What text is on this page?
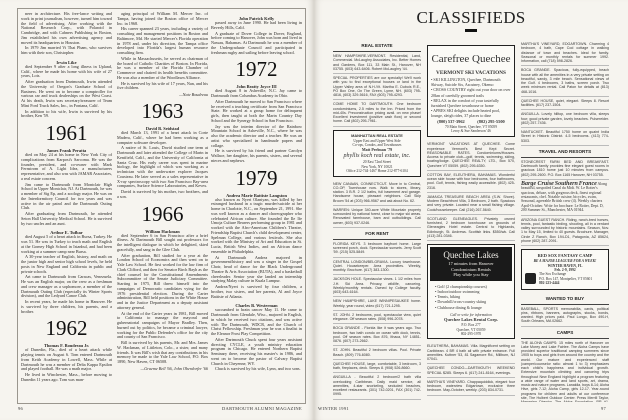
neer in architecture. His free-lance writing and work in print journalism, however, turned him toward the field of advertising. After working with the National Research Corp., with Polaroid in Cambridge, and with Cahners Publishing in Boston, Jim established his own advertising agency and moved its headquarters to Houston.
In 1979 Jim married Vi Thai Pham, who survives him with their son, Christopher.
Irwin Like
died September 9 after a long illness in Upland, Calif., where he made his home with his wife of 27 years, Lois.
After graduation from Dartmouth, Irwin attended the University of Oregon's Graduate School of Business. He went on to become a comptroller for various car and truck dealerships on the West Coast. At his death, Irwin was secretary/treasurer of Team Mini Ford Truck Sales, Inc., in Fontana, Calif.
In addition to his wife, Irwin is survived by his brother, Ken '59.
1961
James Frank Peratta
died on May 24 at his home in New York City of complications from Karposi's Sarcoma. He was the founder, president, and co-owner with Mark Fernstrom of A. Light Idea, a manufacturers representative, and also was with JAMAR Associates, a real estate concern.
Jim came to Dartmouth from Montclair High School in Upper Montclair, NJ. At Dartmouth, he was a member of Sig Ep, and a zoology major. He was on the Interdormitory Council for two years and was active in the air patrol and the Dartmouth Outing Club.
After graduating from Dartmouth, he attended Seton Hall University Medical School. He is survived by two uncles and an aunt.
Arthur E. Tufbar
died August 5 of a heart attack in Bursa, Turkey. He was 51. He was in Turkey to teach math and English at the Gorney High School in Istanbul, and had been working at a summer camp near Bursa.
A 30-year teacher of English, history, and math on the junior high and senior high school levels, he held posts in New England and California in public and private schools.
Art came to Dartmouth from Caracas, Venezuela. He was an English major, on the crew as a freshman and crew manager as a sophomore, a member of the Dartmouth Outing Club (especially its Winter Sports division), and the Ledyard Canoe Club.
In recent years, he made his home in Hanover. He is survived by three children, his parents, and a brother.
1962
Thomas F. Boudreau Jr.
of Dunedin, Fla., died of a heart attack while playing tennis on August 6. Tom entered Dartmouth from Keith Academy in Lowell, Mass. While at Dartmouth he was a member of Delta Kappa Epsilon and played football. He was a math major.
He lived in Winchester, Mass., before moving to Dunedin 11 years ago. Tom was man-
aging principal of William M. Mercer Inc. of Tampa, having joined the Boston office of Mercer Inc. in 1968.
His career spanned 23 years, including a variety of consulting and management positions in Boston and Baltimore, Md. He started Mercer's Florida operation in 1978 and, under his direction, the Tampa office developed into Florida's largest human resource consulting firm.
While in Massachusetts, he served as chairman of the board of Catholic Charities of Boston. In Florida, he was a member of the Florida Chamber of Commerce and chaired its health benefits committee. He was also a member of the Woodlawn Alliance.
He is survived by his wife of 17 years, Nan, and his five children.
—Nate Boudreau
1963
David B. Seidstad
died March 13, 1991 of a heart attack in Corte Madera, Calif., where he had been working as a computer software developer.
A native of St. Louis, David studied one term at Dartmouth and later attended the College of Marin in Kentfield, Calif., and the University of California at Santa Cruz. His early career was spent in marine biology, the highlight of which was working as a technician with the underwater explorer Jacques Cousteau. He later served as a sales representative in X-ray spectroscopy with two San Francisco Bay-area companies, Surface Science Laboratories, and Kevex.
David is survived by his mother, two brothers, and a son.
1966
William Hackman
died September 6 in San Francisco after a brief illness. At Dartmouth Bill sought out professors for the intelligent dialogue in which he delighted, skied gracefully, and sang in the Glee Club.
After graduation, Bill studied for a year at the London School of Economics and then went on to Yale Law School. He first worked for the law firm of Clark Clifford, and then for Senator Birch Bayh as the chief counsel for the Constitutional Amendments Subcommittee of the Senate Judiciary Committee. Starting in 1975, Bill threw himself into the campaigns of Democratic candidates vying for the 1976 presidential election. During the Carter administration, Bill held positions in the White House and in the Justice Department as a deputy assistant attorney general.
At the end of the Carter years in 1981, Bill moved to California to manage the mayoral and gubernatorial campaigns of Mayor Bradley. Then, burned out by politics, he became a criminal lawyer, working for the Public Defender's office for the city and county of San Francisco.
Bill is survived by his parents, Mr. and Mrs. James W. Hackman, of Littleton, Colo., a sister, and many friends. It was Bill's wish that any contributions in his memory be made to the Yale Law School, P.O. Box 1890, New Haven, CT 06508.
—Graeme Bell '66, John Oberdorfer '66
John Patrick Kelly
passed away in June 1990. He had been living in Beverly Hills, Calif.
A graduate of Dover College in Dover, England, before coming to Hanover, John was born and lived in Nassau, Bahamas. At Dartmouth he was a member of the Undergraduate Council and participated in freshman rugby and sailing before leaving school.
1972
John Beatty Joyce III
died August 8 in Asheville, N.C. Jay came to Dartmouth from Columbus Academy in Ohio.
After Dartmouth he moved to San Francisco where he received a teaching certificate from San Francisco State. He worked at a group home for delinquent girls, then taught at both the Marin Country Day School and the Synergy School in San Francisco.
Jay was the interim director of the Rainbow Mountain School in Asheville, N.C., where he was also the academic director and a teacher. He was an artist who specialized in handmade papers and collage.
He is survived by his friend and partner Carolyn Wallace, her daughter, his parents, sisters, and several nieces and nephews.
1979
Andrea Marie Battiste Langston
also known as Nyeri Olaniyan, was killed by her estranged husband in a tragic murder/suicide at her home in Charlotte, N.C., on September 21, 1991. She was well known as a dancer and choreographer who celebrated African culture. She founded the Ile Ife Umoja Culture Bearers performing group in 1981 and worked with the Afro-American Children's Theatre, Friendship Baptist Church's child development center, Spelman College, and various festivals. She also worked with the Ministry of Art and Education in St. Lucia, British West Indies, and an African dance ensemble in Philadelphia.
At Dartmouth Andrea majored in government/history and was a singer in the Gospel Choir, head of dance for the Black Underground Theatre & Arts Association (BUTA), and a basketball cheerleader. Senior year she landed an internship studying Malay culture in Kuala Lumpur.
Andrea/Nyeri is survived by four children, a brother, two sisters, and her parents, Al and Joyce Battiste of Atlanta.
Charles B. Westerman
succumbed to brain cancer May 11. He came to Dartmouth from Glendale, Wisc., majored in English, in which he received two citations, and was active with The Dartmouth, WDCR, and the Church of Christ Fellowship. Freshman year he was a finalist in the Eleanor Frost Play Competition.
After Dartmouth Chuck spent four years assistant directing CYCLE, a youth ministry education program in Chicago. He entered Northern Baptist Seminary there, receiving his master's in 1986, and went on to become the pastor of Calvary Baptist Church in Cheyenne, WY.
Chuck is survived by his wife, Lynn, and two sons.
96	DARTMOUTH ALUMNI MAGAZINE
CLASSIFIEDS
REAL ESTATE
NEW HAMPSHIRE-VERMONT. Residential, Land, Commercial. McLaughry Associates, Inc. Better Homes and Gardens, Box 111, 33 Main St., Hanover, NH 03755. (603) 643-6406. Robert McLaughry '44.
SPECIAL PROPERTIES are our specialty! We'll work with you to find exceptional houses or land in the Upper Valley area of N.H./Vt. Martha E. Dubois R.E., PO Box One, On The Green, Lyme, NH. (603) 795-4816, (603) 329-5616, FAX (603) 795-4293.
COME HOME TO DARTMOUTH. One bedroom condominiums, 2.5 miles to the Inn. Priced from the mid-40s. Preconstruction pricing avail. on new phase! Excellent investment (positive cash flow) or second home. Call (802) 295-7961.
MANHATTAN REAL ESTATE
Upper East and Upper West Side
Co-ops, Condos, and Townhouses
Matt Perlman '79
phyllis koch real estate, inc.
20 East 72nd Street
New York, NY 10021
Office 212-744-1467 Home 212-877-6104
NEW CANAAN, CONNECTICUT. Move in to Central, CO-OP, Townhouse now. Walk to stores, library, station. 3 B.R. 2 1/2 baths, full basement and garage. Handsome house, pleasant neighbors. Call Skip Broom '54 at (203) 966-9567 and ask about No. 62.
WARREN: Unique 340-acre White Mountain property surrounded by national forest, close to major ski areas. Renovated farmhouse, barn and outbuildings. Call owner, (603) 937-0246.
FOR RENT
FLORIDA KEYS. 3 bedroom bayfront home. Large screened porch, dock. Spectacular sunsets. Jerry Scott '59. (215) 525-5849.
CENTRAL LONDON/BELGRAVIA. Luxury townhouse. Quiet. Housekeeper. Area proximities. Weekly, monthly. Brochure. (617) 383-1300.
JACKSON HOLE. Spectacular views. 1 1/2 miles from J.H. Ski Area. Privacy, wildlife, canoeing. Weekly/monthly rentals. Owned by College faculty. (603) 643-6164.
NEW HAMPSHIRE, LAKE WINNIPESAUKEE home. Weekly, year round, video (617) 721-1295.
ST. JOHN. 2 bedrooms, pool, spectacular view, quiet elegance. Off season rates. (508) 996-2078.
BOCA GRANDE - Florida like it was years ago. Two bedroom, two bath condo on ocean with dock, tennis, pool. Off season rates. Box 876, Ithaca, NY 14851-0876. (607) 273-2662.
ST. JOHN. Beautiful 2 bedroom villas. Pool. Private Beach. (809) 776-6080.
QUECHEE HOUSE, large, comfortable, 3 bedroom, 3 bath, fireplaces, deck. Sleeps 8. (908) 526-8660.
ANGUILLA - Beautiful 2 bedroom/2 bath villa overlooking Caribbean. Daily maid service, all amenities, 4-star snorkeling, secluded beaches, excellent restaurants. (301) 742-0201, FAX (301) 742-0995.
Carefree Quechee
VERMONT SKI VACATIONS
• SKI KILLINGTON, Quechee, Dartmouth Skiway, Suicide Six, Ascutney, Okemo
• CROSS COUNTRY right out your door on over 20km of carefully groomed trails
• RELAX in the comfort of your tastefully furnished Quechee townhouse or home
• APRES SKI delights include heated pool, lounge, sleigh rides, 37 places to dine
(800) 537-3962	(802) 295-5500
70 Main Street, Quechee, VT 05059
Leroy & Sue Sanderson '46
VERMONT VACATIONS AT QUECHEE. Come experience Vermont's Best Kept Secret. REASONABLE RATES. Condominiums/Houses. Access to private club—golf, tennis, swimming, skiing, boating/lodge. QUECHEE REALTY, LTD., Box 570, Quechee VT 05059. (802) 295-6350.
COTTON BAY, ELEUTHERA, BAHAMAS. Wonderful ocean side house with four bedrooms, four bathrooms, pool. Golf, tennis, fishing easily accessible. (802) 425-2316.
JAMAICA TREASURE BEACH AREA (S.W. Shore). Modern Beachfront Villa, 3 Bedroom, 2 bath. Spacious and very private. Located near a small fishing village. Cook/housekeeper. Call (216) 267-5640.
SCOTLAND GLENEAGLES. Privately owned furnished, 2 bedroom townhouse on grounds of Gleneagles Hotel estate. Central to Highlands, Edinburgh, St. Andrews. Scottish links. $550/wk. Call (413) 281-0346.
Quechee Lakes
17 minutes from Hanover
Condominium Rentals
Play while you Stay
• Golf (2 championship courses)
• Indoor/outdoor swimming
• Tennis, hiking
• Downhill/cross-country skiing
• Clubhouse dining & lounge
Call or write for information
Quechee Lakes Rental Corp.
P.O. Box 277
Quechee, VT 05059
802-295-1970
ELEUTHERA, BAHAMAS. Villa. Magnificent setting on Caribbean. 4 BR 4 bath all with private entrance. Full amenities. Kuttner '53, 81 Sagamore Rd., Millburn, NJ 07041.
QUECHEE CONDO—DARTMOUTH WEEKEND SPECIAL $285. Sleeps 6. (617) 241-8164, evenings.
MARTHA'S VINEYARD. Chappaquiddick, elegant four bedroom, waterview Edgartown, exclusive three bedroom. May-October, weekly. (203) 834-0731.
MARTHA'S VINEYARD, EDGARTOWN. Charming 4 bedroom, 4 bath, Cape Cod cottage in walking distance of town and beaches. Ideal for family. Seasonal or monthly rentals for summer 1992. Information, call (718) 598-2826.
BOCA GRANDE. Spacious, fully-equipped, beach house with all the amenities in a very private setting on beautiful, sandy, 3 mile beach. Sensational views of the Gulf. 4 bedrooms, 3 baths, screen porch. Two week minimum rental. Call Paton for details at (813) 468-1016.
QUECHEE HOUSE, quiet, elegant. Sleeps 8. Resort facilities. (617) 237-1504.
ANGUILLA. Lovely hilltop, one bedroom villa, sleeps four; good private garden, lovely beaches. Pulsereider. (802) 257-7436.
NANTUCKET. Beautiful 1750 home on quaint India Street in Historic District. 4-5 bedrooms. (413) 774-5303.
TRAVEL AND RESORTS
STONECREST FARM BED AND BREAKFAST. Dartmouth family provides fine elegant guest rooms in gracious 1810 home just 10 minutes from campus. (802) 295-2600. P.O. Box 1165 Hanover, NH 03755.
Barge Cruise Southern France Along beautiful, unspoiled Canal du Midi. W. Le Rotter's spacious, deluxe, with gorgeous deck, finest regional restaurants, chef. Notable cuisine, bicycles, swim, Seasonal, agreeable British crew (4). Weekly charters April-October. Write for brochure: Le Rotter, Dept. D, 200 Summer St., Manchester, MA 01944.
ARIZONA GUEST RANCH. Riding, ranch-bred horses, tennis, pool, fantastic birding, shooting, all in a verdant valley surrounded by historic mountains. Season, Nov. 1 to May 15, limited to 40 guests. Brochure. Manager, Circle Z Ranch, Box 194-D1, Patagonia, AZ 85624, phone (602) 287-2091.
RED SOX FANTASY CAMP
BE A MAJOR LEAGUER FOR A WEEK!
WINTER HAVEN, FL
Feb. 2-9, 1992
The Sox Exchange
P.O. Box 147, Montpelier, VT 05601
802-223-4444
WANTED TO BUY
BASEBALL, SPORTS memorabilia, cards, political pins, ribbons, banners, autographs, stocks, bonds, wanted. High prices paid. Paul Longo, Box 490-H, South Orleans, MA 02662.
CAMPS
THE ALOHA CAMPS: 15 miles north of Hanover on Lake Morey and Lake Fairlee. The Aloha Camps have provided superior traditional camping summers since 1905 to boys and girls from around the country and the world. Our mature and experienced staff (camper/counselor ratio: almost 1 to 3) emphasizes each child's happiness and individual growth. Extensive mountain climbing and canoeing trips throughout New England highlight a program featuring a wide range of water and land sports, art, drama, music and nature programs. Lanakila, boys 8-14; Aloha Hive, girls 7-12; Aloha Camp, girls 12-17. Year-round programs for children and adults at our conference site, The Hulbert Outdoor Center. Press Merrill Taylor,
WINTER 1991	97
